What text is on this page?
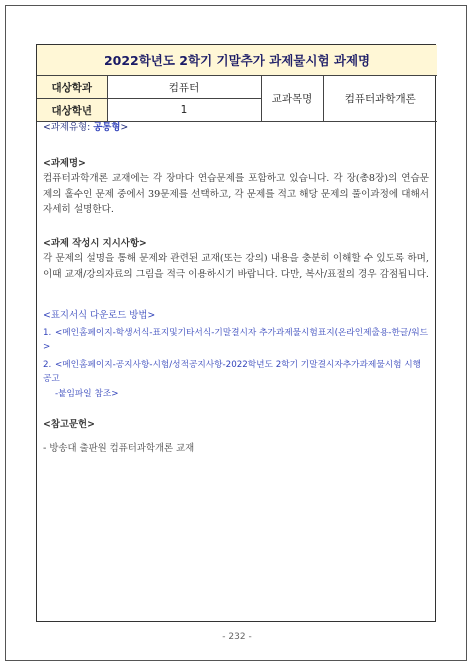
2022학년도 2학기 기말추가 과제물시험 과제명			
대상학과	컴퓨터	교과목명	컴퓨터과학개론
대상학년	1		
<과제유형: 공통형>
<과제명>

컴퓨터과학개론 교재에는 각 장마다 연습문제를 포함하고 있습니다. 각 장(총8장)의 연습문제의 홀수인 문제 중에서 39문제를 선택하고, 각 문제를 적고 해당 문제의 풀이과정에 대해서 자세히 설명한다.

<과제 작성시 지시사항>

각 문제의 설명을 통해 문제와 관련된 교재(또는 강의) 내용을 충분히 이해할 수 있도록 하며, 이때 교재/강의자료의 그림을 적극 이용하시기 바랍니다. 다만, 복사/표절의 경우 감점됩니다.

<표지서식 다운로드 방법>

1. <메인홈페이지-학생서식-표지및기타서식-기말결시자 추가과제물시험표지(온라인제출용-한글/워드>

2. <메인홈페이지-공지사항-시험/성적공지사항-2022학년도 2학기 기말결시자추가과제물시험 시행공고

-붙임파일 참조>

<참고문헌>
- 방송대 출판원 컴퓨터과학개론 교재
- 232 -
